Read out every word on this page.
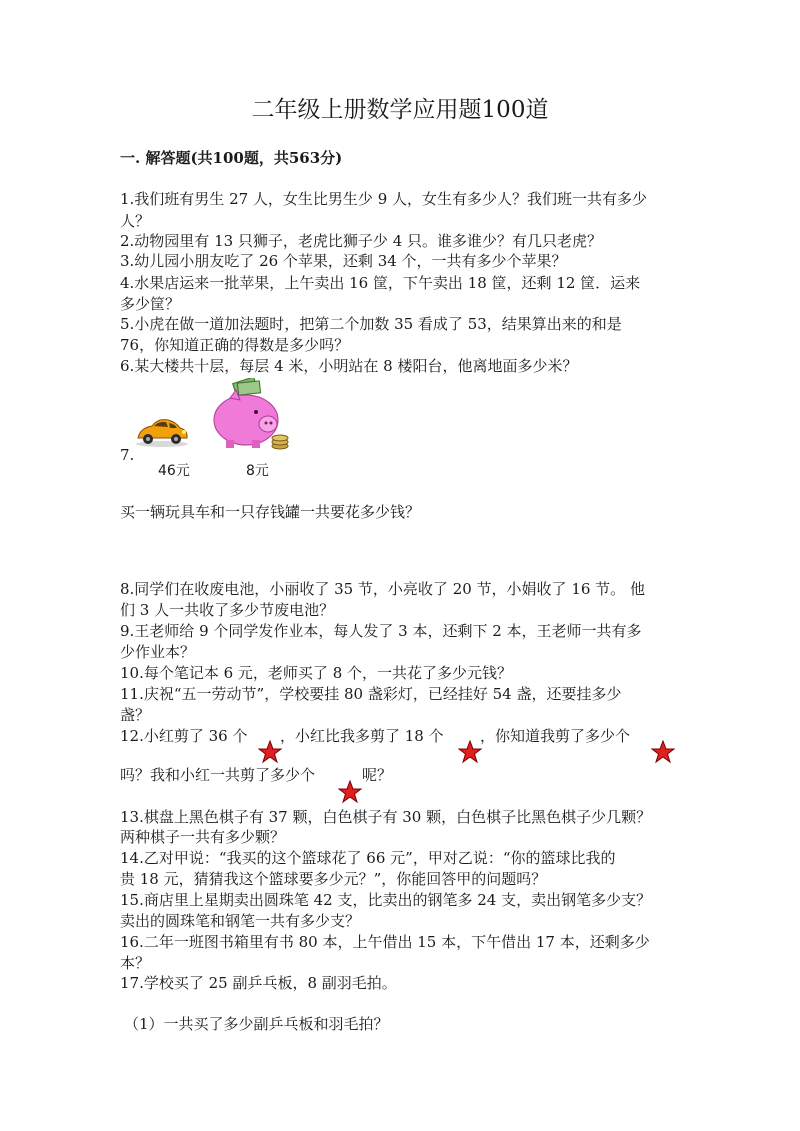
二年级上册数学应用题100道
一. 解答题(共100题，共563分)
1.我们班有男生 27 人，女生比男生少 9 人，女生有多少人？我们班一共有多少
人？
2.动物园里有 13 只狮子，老虎比狮子少 4 只。谁多谁少？有几只老虎？
3.幼儿园小朋友吃了 26 个苹果，还剩 34 个，一共有多少个苹果？
4.水果店运来一批苹果，上午卖出 16 筐，下午卖出 18 筐，还剩 12 筐．运来
多少筐？
5.小虎在做一道加法题时，把第二个加数 35 看成了 53，结果算出来的和是
76，你知道正确的得数是多少吗？
6.某大楼共十层，每层 4 米，小明站在 8 楼阳台，他离地面多少米？
7.
46元	8元
买一辆玩具车和一只存钱罐一共要花多少钱？
8.同学们在收废电池，小丽收了 35 节，小亮收了 20 节，小娟收了 16 节。 他
们 3 人一共收了多少节废电池？
9.王老师给 9 个同学发作业本，每人发了 3 本，还剩下 2 本，王老师一共有多
少作业本？
10.每个笔记本 6 元，老师买了 8 个，一共花了多少元钱？
11.庆祝“五一劳动节”，学校要挂 80 盏彩灯，已经挂好 54 盏，还要挂多少
盏？
12.小红剪了 36 个	，小红比我多剪了 18 个	，你知道我剪了多少个
吗？我和小红一共剪了多少个	呢？
13.棋盘上黑色棋子有 37 颗，白色棋子有 30 颗，白色棋子比黑色棋子少几颗？
两种棋子一共有多少颗？
14.乙对甲说：“我买的这个篮球花了 66 元”，甲对乙说：“你的篮球比我的
贵 18 元，猜猜我这个篮球要多少元？”，你能回答甲的问题吗？
15.商店里上星期卖出圆珠笔 42 支，比卖出的钢笔多 24 支，卖出钢笔多少支？
卖出的圆珠笔和钢笔一共有多少支？
16.二年一班图书箱里有书 80 本，上午借出 15 本，下午借出 17 本，还剩多少
本？
17.学校买了 25 副乒乓板，8 副羽毛拍。
（1）一共买了多少副乒乓板和羽毛拍？
